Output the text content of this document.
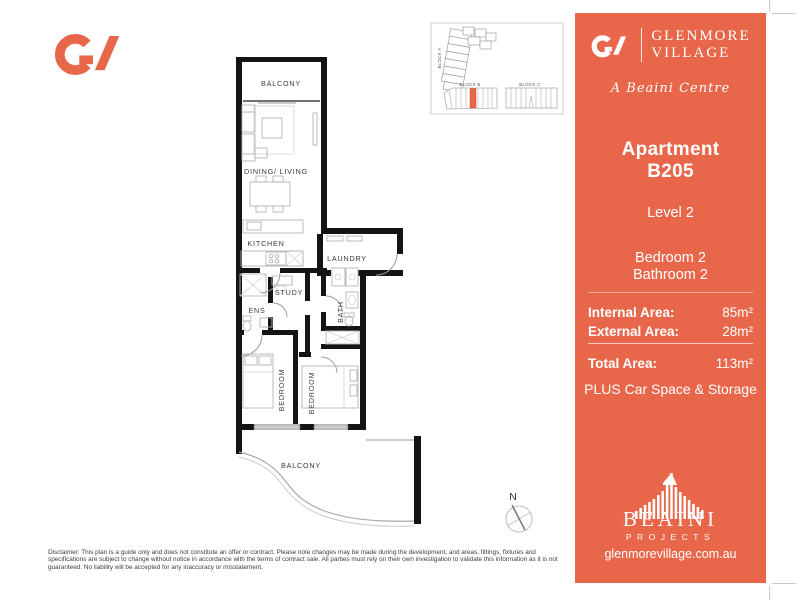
BLOCK A
BLOCK B	BLOCK C
BALCONY
DINING/ LIVING
KITCHEN
LAUNDRY
STUDY
ENS	BATH
BEDROOM	BEDROOM
BALCONY
N
GLENMORE
VILLAGE
A Beaini Centre
Apartment
B205
Level 2
Bedroom 2
Bathroom 2
Internal Area:	85m²
External Area:	28m²
Total Area:	113m²
PLUS Car Space & Storage
BEAINI
PROJECTS
glenmorevillage.com.au
Disclaimer: This plan is a guide only and does not constitute an offer or contract. Please note changes may be made during the development, and areas, fittings, fixtures and specifications are subject to change without notice in accordance with the terms of contract sale. All parties must rely on their own investigation to validate this information as it is not guaranteed. No liability will be accepted for any inaccuracy or misstatement.
